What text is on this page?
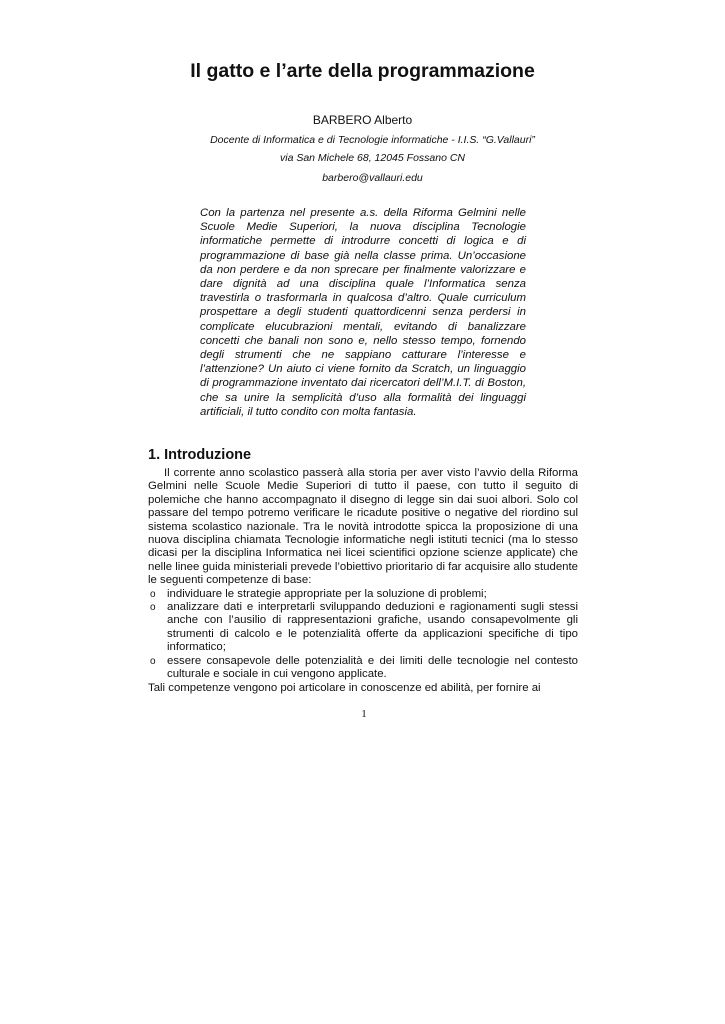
Il gatto e l’arte della programmazione
BARBERO Alberto
Docente di Informatica e di Tecnologie informatiche - I.I.S. “G.Vallauri”
via San Michele 68, 12045 Fossano CN
barbero@vallauri.edu

Con la partenza nel presente a.s. della Riforma Gelmini nelle Scuole Medie Superiori, la nuova disciplina Tecnologie informatiche permette di introdurre concetti di logica e di programmazione di base già nella classe prima. Un’occasione da non perdere e da non sprecare per finalmente valorizzare e dare dignità ad una disciplina quale l’Informatica senza travestirla o trasformarla in qualcosa d’altro. Quale curriculum prospettare a degli studenti quattordicenni senza perdersi in complicate elucubrazioni mentali, evitando di banalizzare concetti che banali non sono e, nello stesso tempo, fornendo degli strumenti che ne sappiano catturare l’interesse e l’attenzione? Un aiuto ci viene fornito da Scratch, un linguaggio di programmazione inventato dai ricercatori dell’M.I.T. di Boston, che sa unire la semplicità d’uso alla formalità dei linguaggi artificiali, il tutto condito con molta fantasia.

1. Introduzione

Il corrente anno scolastico passerà alla storia per aver visto l’avvio della Riforma Gelmini nelle Scuole Medie Superiori di tutto il paese, con tutto il seguito di polemiche che hanno accompagnato il disegno di legge sin dai suoi albori. Solo col passare del tempo potremo verificare le ricadute positive o negative del riordino sul sistema scolastico nazionale. Tra le novità introdotte spicca la proposizione di una nuova disciplina chiamata Tecnologie informatiche negli istituti tecnici (ma lo stesso dicasi per la disciplina Informatica nei licei scientifici opzione scienze applicate) che nelle linee guida ministeriali prevede l’obiettivo prioritario di far acquisire allo studente le seguenti competenze di base:

o individuare le strategie appropriate per la soluzione di problemi;
o analizzare dati e interpretarli sviluppando deduzioni e ragionamenti sugli stessi anche con l’ausilio di rappresentazioni grafiche, usando consapevolmente gli strumenti di calcolo e le potenzialità offerte da applicazioni specifiche di tipo informatico;
o essere consapevole delle potenzialità e dei limiti delle tecnologie nel contesto culturale e sociale in cui vengono applicate.

Tali competenze vengono poi articolare in conoscenze ed abilità, per fornire ai

1
